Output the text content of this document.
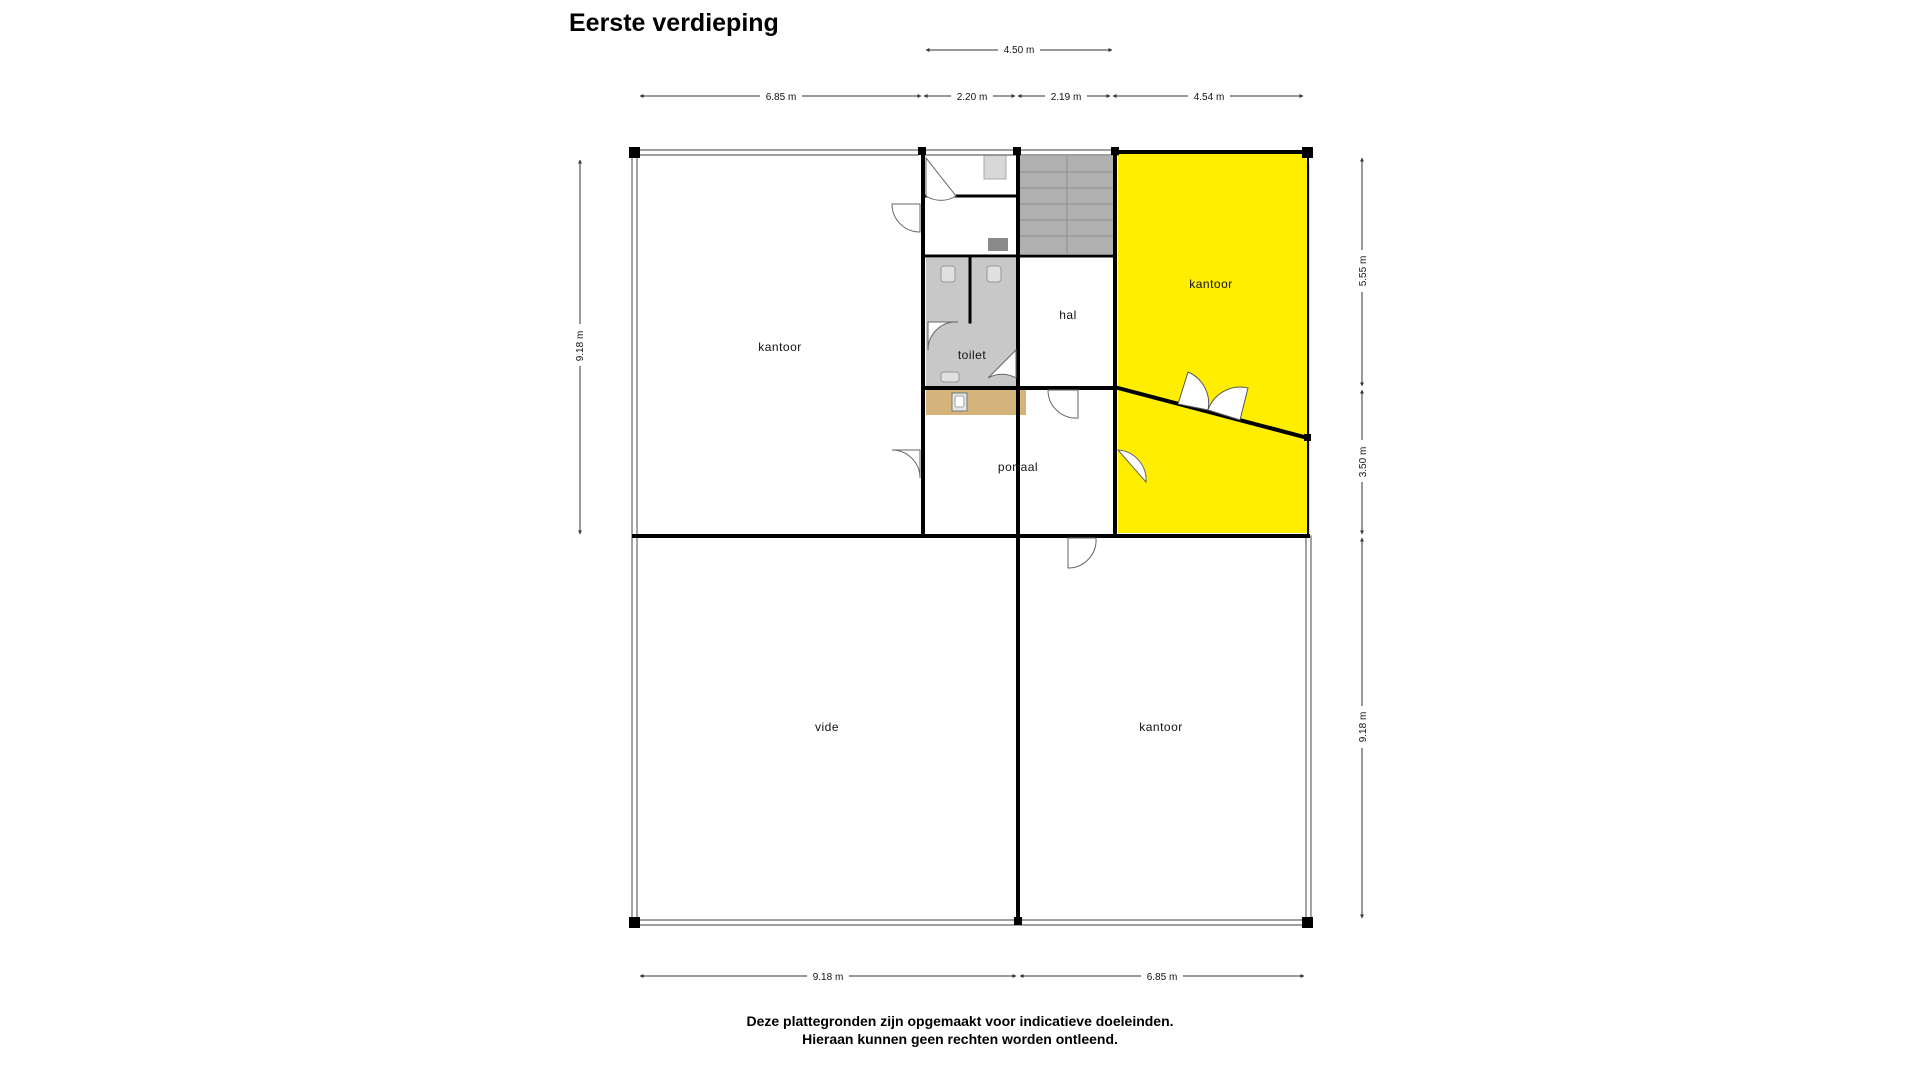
Eerste verdieping
4.50 m
6.85 m	2.20 m	2.19 m	4.54 m
9.18 m
5.55 m
3.50 m
9.18 m
9.18 m	6.85 m
kantoor
kantoor
hal
toilet
portaal
vide	kantoor
Deze plattegronden zijn opgemaakt voor indicatieve doeleinden.
Hieraan kunnen geen rechten worden ontleend.
